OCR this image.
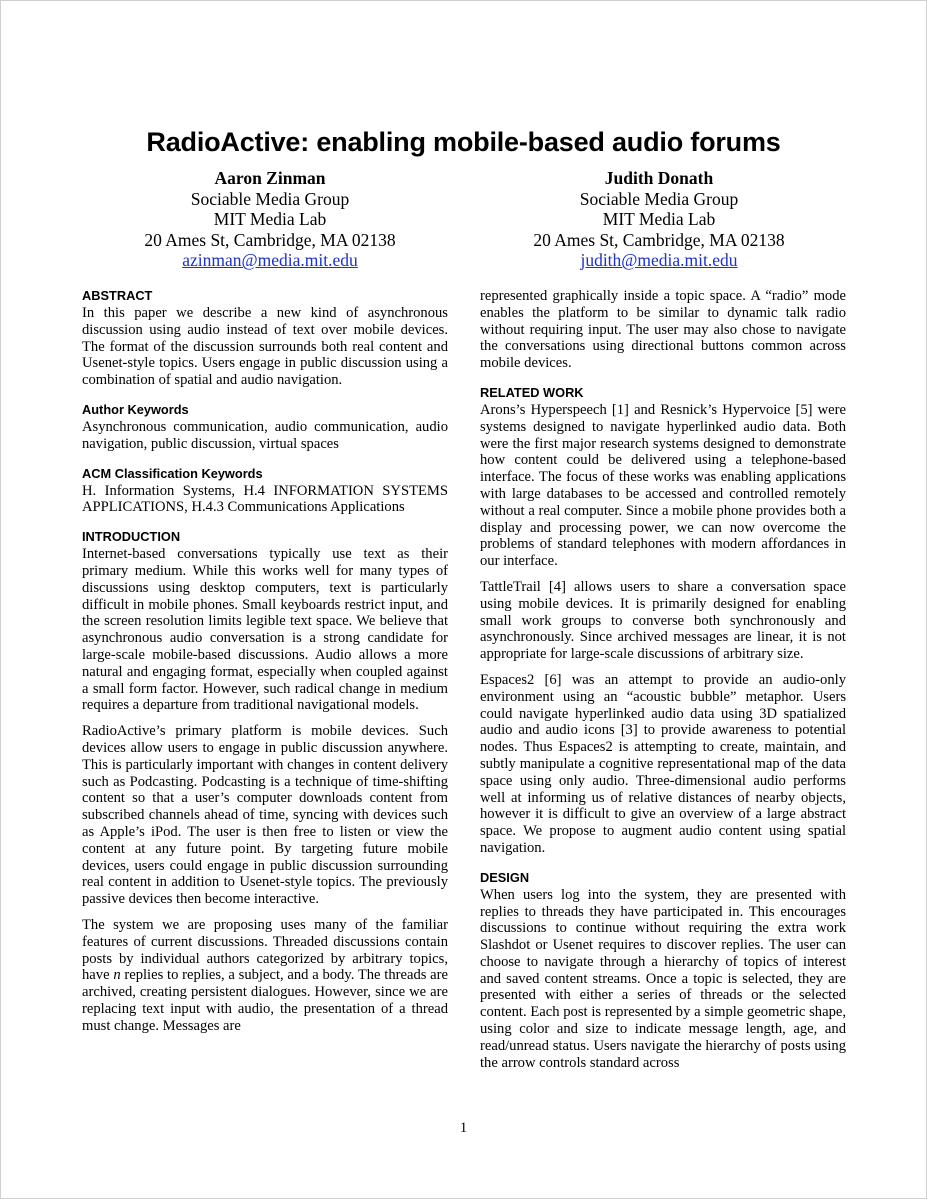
RadioActive: enabling mobile-based audio forums
Aaron Zinman
Sociable Media Group
MIT Media Lab
20 Ames St, Cambridge, MA 02138
azinman@media.mit.edu
Judith Donath
Sociable Media Group
MIT Media Lab
20 Ames St, Cambridge, MA 02138
judith@media.mit.edu
ABSTRACT

In this paper we describe a new kind of asynchronous discussion using audio instead of text over mobile devices. The format of the discussion surrounds both real content and Usenet-style topics. Users engage in public discussion using a combination of spatial and audio navigation.

Author Keywords

Asynchronous communication, audio communication, audio navigation, public discussion, virtual spaces

ACM Classification Keywords

H. Information Systems, H.4 INFORMATION SYSTEMS APPLICATIONS, H.4.3 Communications Applications

INTRODUCTION

Internet-based conversations typically use text as their primary medium. While this works well for many types of discussions using desktop computers, text is particularly difficult in mobile phones. Small keyboards restrict input, and the screen resolution limits legible text space. We believe that asynchronous audio conversation is a strong candidate for large-scale mobile-based discussions. Audio allows a more natural and engaging format, especially when coupled against a small form factor. However, such radical change in medium requires a departure from traditional navigational models.

RadioActive’s primary platform is mobile devices. Such devices allow users to engage in public discussion anywhere. This is particularly important with changes in content delivery such as Podcasting. Podcasting is a technique of time-shifting content so that a user’s computer downloads content from subscribed channels ahead of time, syncing with devices such as Apple’s iPod. The user is then free to listen or view the content at any future point. By targeting future mobile devices, users could engage in public discussion surrounding real content in addition to Usenet-style topics. The previously passive devices then become interactive.

The system we are proposing uses many of the familiar features of current discussions. Threaded discussions contain posts by individual authors categorized by arbitrary topics, have n replies to replies, a subject, and a body. The threads are archived, creating persistent dialogues. However, since we are replacing text input with audio, the presentation of a thread must change. Messages are

represented graphically inside a topic space. A “radio” mode enables the platform to be similar to dynamic talk radio without requiring input. The user may also chose to navigate the conversations using directional buttons common across mobile devices.

RELATED WORK

Arons’s Hyperspeech [1] and Resnick’s Hypervoice [5] were systems designed to navigate hyperlinked audio data. Both were the first major research systems designed to demonstrate how content could be delivered using a telephone-based interface. The focus of these works was enabling applications with large databases to be accessed and controlled remotely without a real computer. Since a mobile phone provides both a display and processing power, we can now overcome the problems of standard telephones with modern affordances in our interface.

TattleTrail [4] allows users to share a conversation space using mobile devices. It is primarily designed for enabling small work groups to converse both synchronously and asynchronously. Since archived messages are linear, it is not appropriate for large-scale discussions of arbitrary size.

Espaces2 [6] was an attempt to provide an audio-only environment using an “acoustic bubble” metaphor. Users could navigate hyperlinked audio data using 3D spatialized audio and audio icons [3] to provide awareness to potential nodes. Thus Espaces2 is attempting to create, maintain, and subtly manipulate a cognitive representational map of the data space using only audio. Three-dimensional audio performs well at informing us of relative distances of nearby objects, however it is difficult to give an overview of a large abstract space. We propose to augment audio content using spatial navigation.

DESIGN

When users log into the system, they are presented with replies to threads they have participated in. This encourages discussions to continue without requiring the extra work Slashdot or Usenet requires to discover replies. The user can choose to navigate through a hierarchy of topics of interest and saved content streams. Once a topic is selected, they are presented with either a series of threads or the selected content. Each post is represented by a simple geometric shape, using color and size to indicate message length, age, and read/unread status. Users navigate the hierarchy of posts using the arrow controls standard across

1
